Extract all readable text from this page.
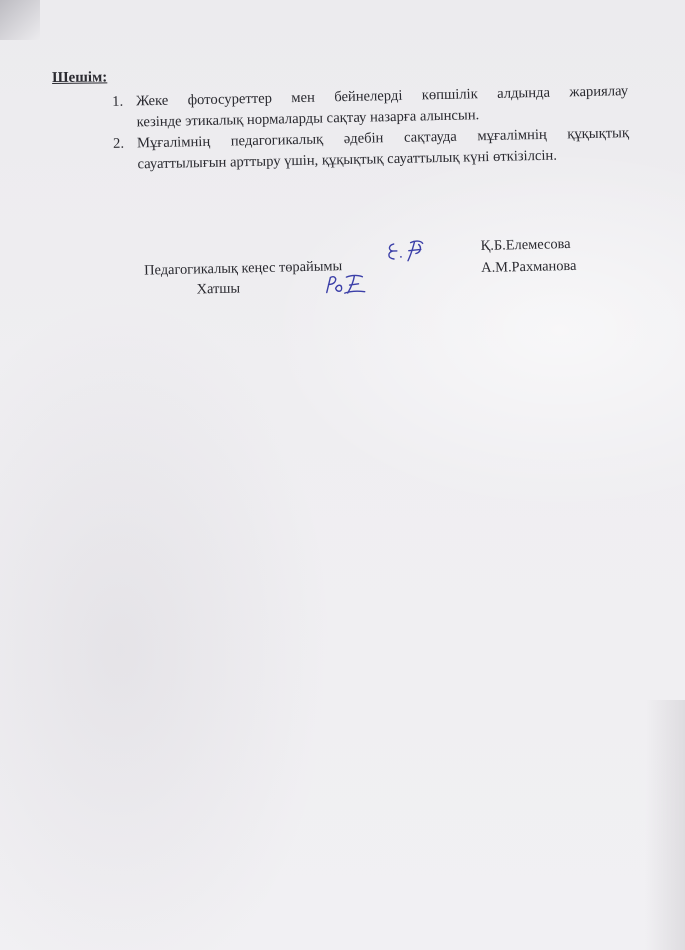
Шешім:
1. Жеке фотосуреттер мен бейнелерді көпшілік алдында жариялау
кезінде этикалық нормаларды сақтау назарға алынсын.
2. Мұғалімнің педагогикалық әдебін сақтауда мұғалімнің құқықтық
сауаттылығын арттыру үшін, құқықтық сауаттылық күні өткізілсін.
Педагогикалық кеңес төрайымы
Хатшы
Қ.Б.Елемесова
А.М.Рахманова
